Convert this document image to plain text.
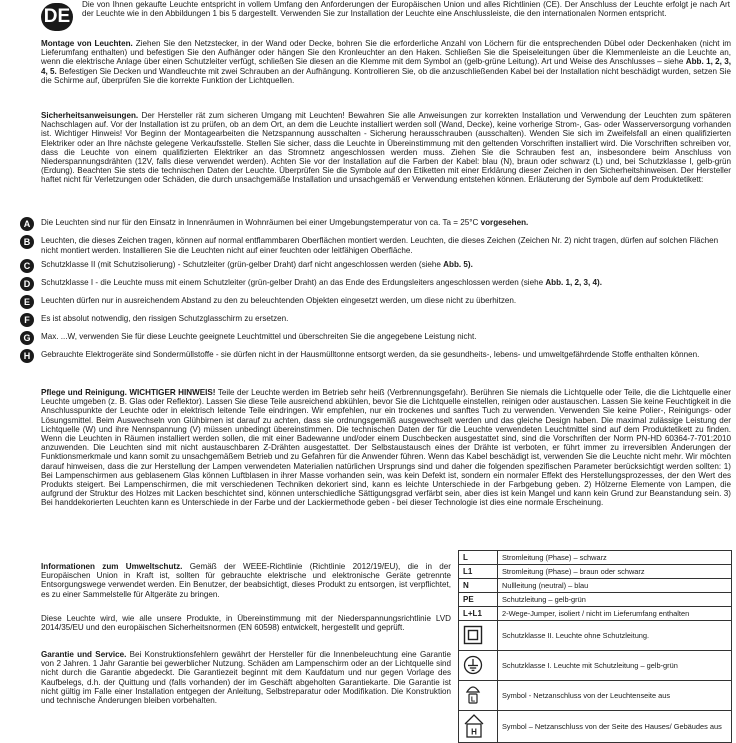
DE

Die von Ihnen gekaufte Leuchte entspricht in vollem Umfang den Anforderungen der Europäischen Union und alles Richtlinien (CE). Der Anschluss der Leuchte erfolgt je nach Art der Leuchte wie in den Abbildungen 1 bis 5 dargestellt. Verwenden Sie zur Installation der Leuchte eine Anschlussleiste, die den internationalen Normen entspricht.

Montage von Leuchten. Ziehen Sie den Netzstecker, in der Wand oder Decke, bohren Sie die erforderliche Anzahl von Löchern für die entsprechenden Dübel oder Deckenhaken (nicht im Lieferumfang enthalten) und befestigen Sie den Aufhänger oder hängen Sie den Kronleuchter an den Haken. Schließen Sie die Speiseleitungen über die Klemmenleiste an die Leuchte an, wenn die elektrische Anlage über einen Schutzleiter verfügt, schließen Sie diesen an die Klemme mit dem Symbol an (gelb-grüne Leitung). Art und Weise des Anschlusses – siehe Abb. 1, 2, 3, 4, 5. Befestigen Sie Decken und Wandleuchte mit zwei Schrauben an der Aufhängung. Kontrollieren Sie, ob die anzuschließenden Kabel bei der Installation nicht beschädigt wurden, setzen Sie die Schirme auf, überprüfen Sie die korrekte Funktion der Lichtquellen.

Sicherheitsanweisungen. Der Hersteller rät zum sicheren Umgang mit Leuchten! Bewahren Sie alle Anweisungen zur korrekten Installation und Verwendung der Leuchten zum späteren Nachschlagen auf. Vor der Installation ist zu prüfen, ob an dem Ort, an dem die Leuchte installiert werden soll (Wand, Decke), keine vorherige Strom-, Gas- oder Wasserversorgung vorhanden ist. Wichtiger Hinweis! Vor Beginn der Montagearbeiten die Netzspannung ausschalten - Sicherung herausschrauben (ausschalten). Wenden Sie sich im Zweifelsfall an einen qualifizierten Elektriker oder an Ihre nächste gelegene Verkaufsstelle. Stellen Sie sicher, dass die Leuchte in Übereinstimmung mit den geltenden Vorschriften installiert wird. Die Vorschriften schreiben vor, dass die Leuchte von einem qualifizierten Elektriker an das Stromnetz angeschlossen werden muss. Ziehen Sie die Schrauben fest an, insbesondere beim Anschluss von Niederspannungsdrähten (12V, falls diese verwendet werden). Achten Sie vor der Installation auf die Farben der Kabel: blau (N), braun oder schwarz (L) und, bei Schutzklasse I, gelb-grün (Erdung). Beachten Sie stets die technischen Daten der Leuchte. Überprüfen Sie die Symbole auf den Etiketten mit einer Erklärung dieser Zeichen in den Sicherheitshinweisen. Der Hersteller haftet nicht für Verletzungen oder Schäden, die durch unsachgemäße Installation und unsachgemäß er Verwendung entstehen können. Erläuterung der Symbole auf dem Produktetikett:

A	Die Leuchten sind nur für den Einsatz in Innenräumen in Wohnräumen bei einer Umgebungstemperatur von ca. Ta = 25°C vorgesehen.
B	Leuchten, die dieses Zeichen tragen, können auf normal entflammbaren Oberflächen montiert werden. Leuchten, die dieses Zeichen (Zeichen Nr. 2) nicht tragen, dürfen auf solchen Flächen nicht montiert werden. Installieren Sie die Leuchten nicht auf einer feuchten oder leitfähigen Oberfläche.
C	Schutzklasse II (mit Schutzisolierung) - Schutzleiter (grün-gelber Draht) darf nicht angeschlossen werden (siehe Abb. 5).
D	Schutzklasse I - die Leuchte muss mit einem Schutzleiter (grün-gelber Draht) an das Ende des Erdungsleiters angeschlossen werden (siehe Abb. 1, 2, 3, 4).
E	Leuchten dürfen nur in ausreichendem Abstand zu den zu beleuchtenden Objekten eingesetzt werden, um diese nicht zu überhitzen.
F	Es ist absolut notwendig, den rissigen Schutzglasschirm zu ersetzen.
G	Max. ...W, verwenden Sie für diese Leuchte geeignete Leuchtmittel und überschreiten Sie die angegebene Leistung nicht.
H	Gebrauchte Elektrogeräte sind Sondermüllstoffe - sie dürfen nicht in der Hausmülltonne entsorgt werden, da sie gesundheits-, lebens- und umweltgefährdende Stoffe enthalten können.

Pflege und Reinigung. WICHTIGER HINWEIS! Teile der Leuchte werden im Betrieb sehr heiß (Verbrennungsgefahr). Berühren Sie niemals die Lichtquelle oder Teile, die die Lichtquelle einer Leuchte umgeben (z. B. Glas oder Reflektor). Lassen Sie diese Teile ausreichend abkühlen, bevor Sie die Lichtquelle einstellen, reinigen oder austauschen. Lassen Sie keine Feuchtigkeit in die Anschlusspunkte der Leuchte oder in elektrisch leitende Teile eindringen. Wir empfehlen, nur ein trockenes und sanftes Tuch zu verwenden. Verwenden Sie keine Polier-, Reinigungs- oder Lösungsmittel. Beim Auswechseln von Glühbirnen ist darauf zu achten, dass sie ordnungsgemäß ausgewechselt werden und das gleiche Design haben. Die maximal zulässige Leistung der Lichtquelle (W) und ihre Nennspannung (V) müssen unbedingt übereinstimmen. Die technischen Daten der für die Leuchte verwendeten Leuchtmittel sind auf dem Produktetikett zu finden. Wenn die Leuchten in Räumen installiert werden sollen, die mit einer Badewanne und/oder einem Duschbecken ausgestattet sind, sind die Vorschriften der Norm PN-HD 60364-7-701:2010 anzuwenden. Die Leuchten sind mit nicht austauschbaren Z-Drähten ausgestattet. Der Selbstaustausch eines der Drähte ist verboten, er führt immer zu irreversiblen Änderungen der Funktionsmerkmale und kann somit zu unsachgemäßem Betrieb und zu Gefahren für die Anwender führen. Wenn das Kabel beschädigt ist, verwenden Sie die Leuchte nicht mehr. Wir möchten darauf hinweisen, dass die zur Herstellung der Lampen verwendeten Materialien natürlichen Ursprungs sind und daher die folgenden spezifischen Parameter berücksichtigt werden sollten: 1) Bei Lampenschirmen aus geblasenem Glas können Luftblasen in ihrer Masse vorhanden sein, was kein Defekt ist, sondern ein normaler Effekt des Herstellungsprozesses, der den Wert des Produkts steigert. Bei Lampenschirmen, die mit verschiedenen Techniken dekoriert sind, kann es leichte Unterschiede in der Farbgebung geben. 2) Hölzerne Elemente von Lampen, die aufgrund der Struktur des Holzes mit Lacken beschichtet sind, können unterschiedliche Sättigungsgrad verfärbt sein, aber dies ist kein Mangel und kann kein Grund zur Beanstandung sein. 3) Bei handdekorierten Leuchten kann es Unterschiede in der Farbe und der Lackiermethode geben - bei dieser Technologie ist dies eine normale Erscheinung.

Informationen zum Umweltschutz. Gemäß der WEEE-Richtlinie (Richtlinie 2012/19/EU), die in der Europäischen Union in Kraft ist, sollten für gebrauchte elektrische und elektronische Geräte getrennte Entsorgungswege verwendet werden. Ein Benutzer, der beabsichtigt, dieses Produkt zu entsorgen, ist verpflichtet, es zu einer Sammelstelle für Altgeräte zu bringen.

Diese Leuchte wird, wie alle unsere Produkte, in Übereinstimmung mit der Niederspannungsrichtlinie LVD 2014/35/EU und den europäischen Sicherheitsnormen (EN 60598) entwickelt, hergestellt und geprüft.

Garantie und Service. Bei Konstruktionsfehlern gewährt der Hersteller für die Innenbeleuchtung eine Garantie von 2 Jahren. 1 Jahr Garantie bei gewerblicher Nutzung. Schäden am Lampenschirm oder an der Lichtquelle sind nicht durch die Garantie abgedeckt. Die Garantiezeit beginnt mit dem Kaufdatum und nur gegen Vorlage des Kaufbelegs, d.h. der Quittung und (falls vorhanden) der im Geschäft abgeholten Garantiekarte. Die Garantie ist nicht gültig im Falle einer Installation entgegen der Anleitung, Selbstreparatur oder Modifikation. Die Konstruktion und technische Änderungen bleiben vorbehalten.

L	Stromleitung (Phase) – schwarz
L1	Stromleitung (Phase) – braun oder schwarz
N	Nullleitung (neutral) – blau
PE	Schutzleitung – gelb-grün
L+L1	2-Wege-Jumper, isoliert / nicht im Lieferumfang enthalten
	Schutzklasse II. Leuchte ohne Schutzleitung.
	Schutzklasse I. Leuchte mit Schutzleitung – gelb-grün

L	Symbol - Netzanschluss von der Leuchtenseite aus

H	Symbol – Netzanschluss von der Seite des Hauses/ Gebäudes aus
